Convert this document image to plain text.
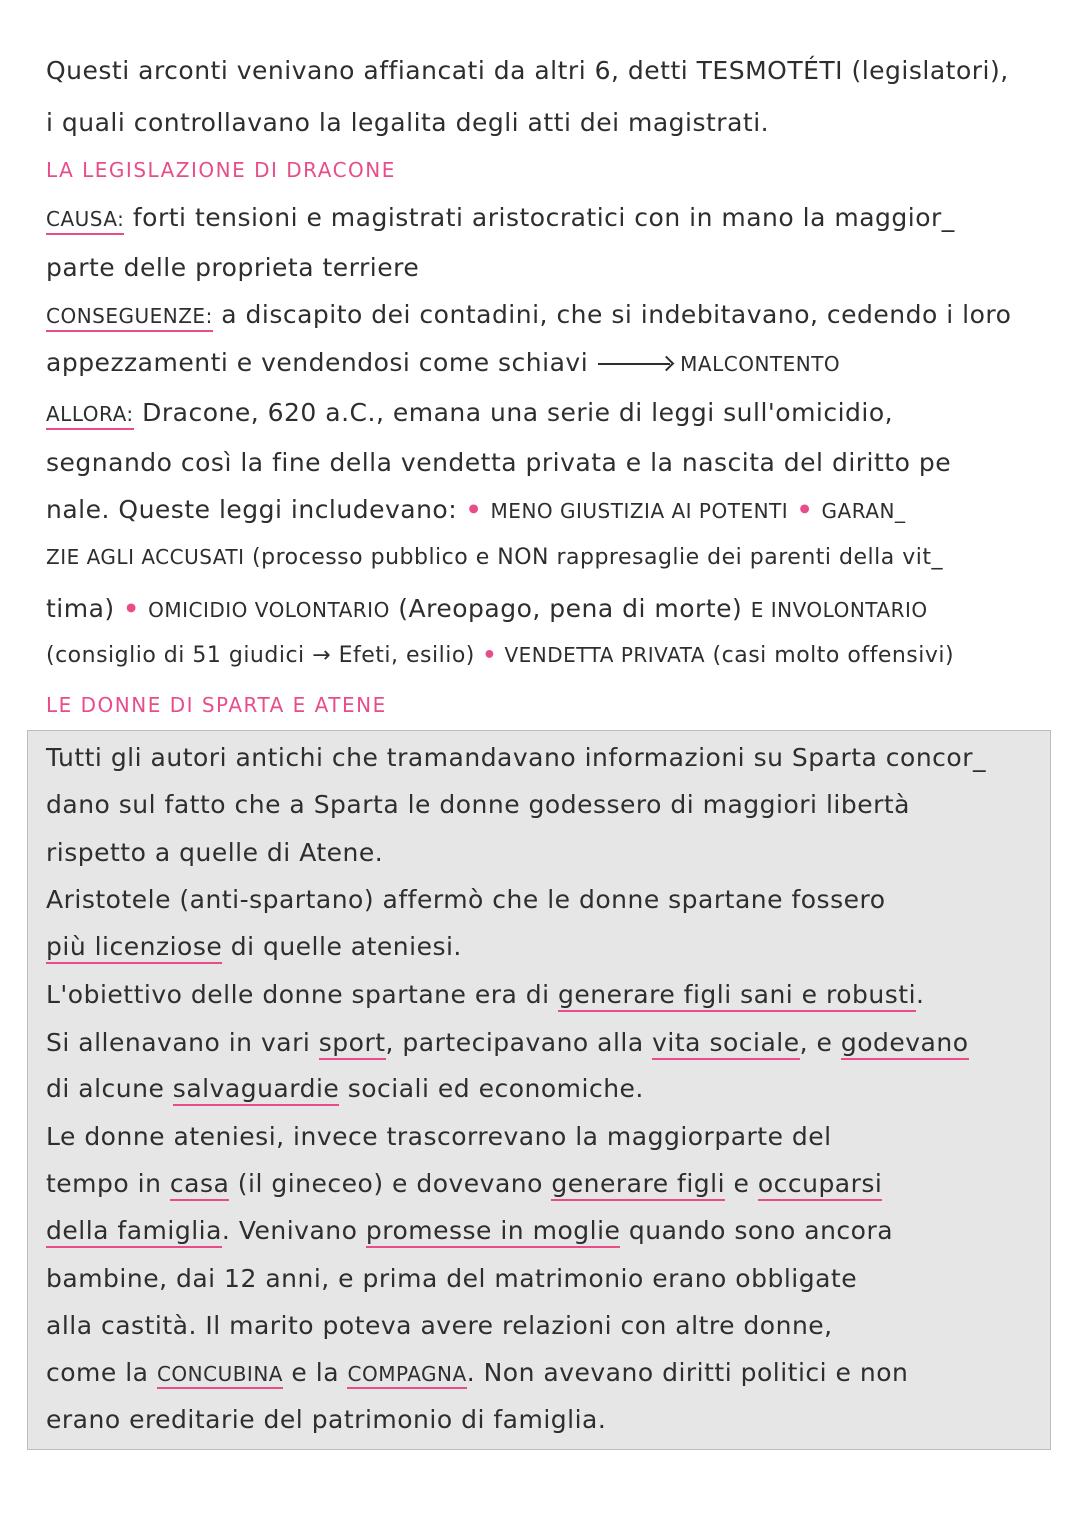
Questi arconti venivano affiancati da altri 6, detti TESMOTÉTI (legislatori),
i quali controllavano la legalita degli atti dei magistrati.
LA LEGISLAZIONE DI DRACONE
CAUSA: forti tensioni e magistrati aristocratici con in mano la maggior_
parte delle proprieta terriere
CONSEGUENZE: a discapito dei contadini, che si indebitavano, cedendo i loro
appezzamenti e vendendosi come schiavi	MALCONTENTO
ALLORA: Dracone, 620 a.C., emana una serie di leggi sull'omicidio,
segnando così la fine della vendetta privata e la nascita del diritto pe
nale. Queste leggi includevano: • MENO GIUSTIZIA AI POTENTI • GARAN_
ZIE AGLI ACCUSATI (processo pubblico e NON rappresaglie dei parenti della vit_
tima) • OMICIDIO VOLONTARIO (Areopago, pena di morte) E INVOLONTARIO
(consiglio di 51 giudici → Efeti, esilio) • VENDETTA PRIVATA (casi molto offensivi)
LE DONNE DI SPARTA E ATENE
Tutti gli autori antichi che tramandavano informazioni su Sparta concor_
dano sul fatto che a Sparta le donne godessero di maggiori libertà
rispetto a quelle di Atene.
Aristotele (anti-spartano) affermò che le donne spartane fossero
più licenziose di quelle ateniesi.
L'obiettivo delle donne spartane era di generare figli sani e robusti.
Si allenavano in vari sport, partecipavano alla vita sociale, e godevano
di alcune salvaguardie sociali ed economiche.
Le donne ateniesi, invece trascorrevano la maggiorparte del
tempo in casa (il gineceo) e dovevano generare figli e occuparsi
della famiglia. Venivano promesse in moglie quando sono ancora
bambine, dai 12 anni, e prima del matrimonio erano obbligate
alla castità. Il marito poteva avere relazioni con altre donne,
come la CONCUBINA e la COMPAGNA. Non avevano diritti politici e non
erano ereditarie del patrimonio di famiglia.
